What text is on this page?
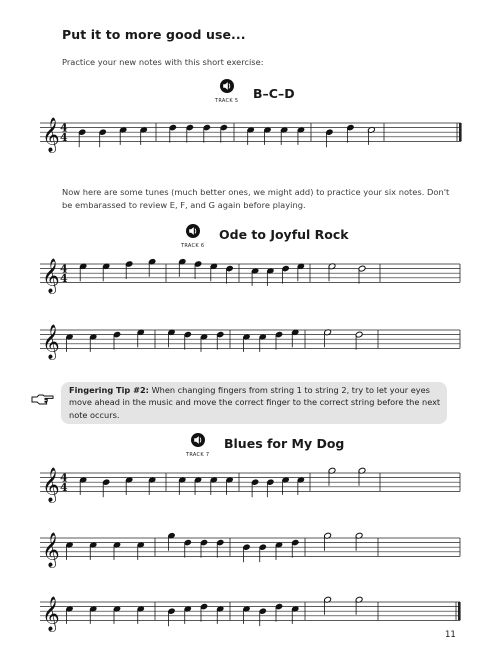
Put it to more good use...
Practice your new notes with this short exercise:
TRACK 5 B–C–D
Now here are some tunes (much better ones, we might add) to practice your six notes. Don't be embarassed to review E, F, and G again before playing.
TRACK 6
Ode to Joyful Rock
Fingering Tip #2: When changing fingers from string 1 to string 2, try to let your eyes move ahead in the music and move the correct finger to the correct string before the next note occurs.
TRACK 7
Blues for My Dog
11
𝄞 4
4
𝄞 4
4
𝄞
𝄞 4
4
𝄞
𝄞
